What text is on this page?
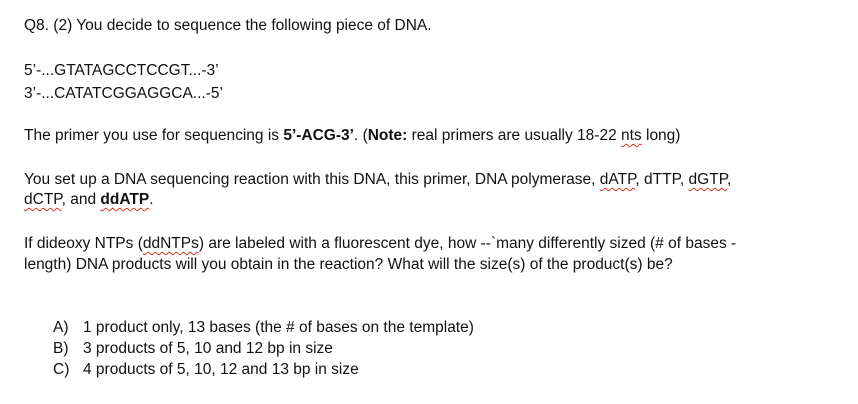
Q8. (2) You decide to sequence the following piece of DNA.
5’-...GTATAGCCTCCGT...-3’
3’-...CATATCGGAGGCA...-5’
The primer you use for sequencing is 5’-ACG-3’. (Note: real primers are usually 18-22 nts long)
You set up a DNA sequencing reaction with this DNA, this primer, DNA polymerase, dATP, dTTP, dGTP,
dCTP, and ddATP.
If dideoxy NTPs (ddNTPs) are labeled with a fluorescent dye, how --`many differently sized (# of bases -
length) DNA products will you obtain in the reaction? What will the size(s) of the product(s) be?
A) 1 product only, 13 bases (the # of bases on the template)
B) 3 products of 5, 10 and 12 bp in size
C) 4 products of 5, 10, 12 and 13 bp in size
